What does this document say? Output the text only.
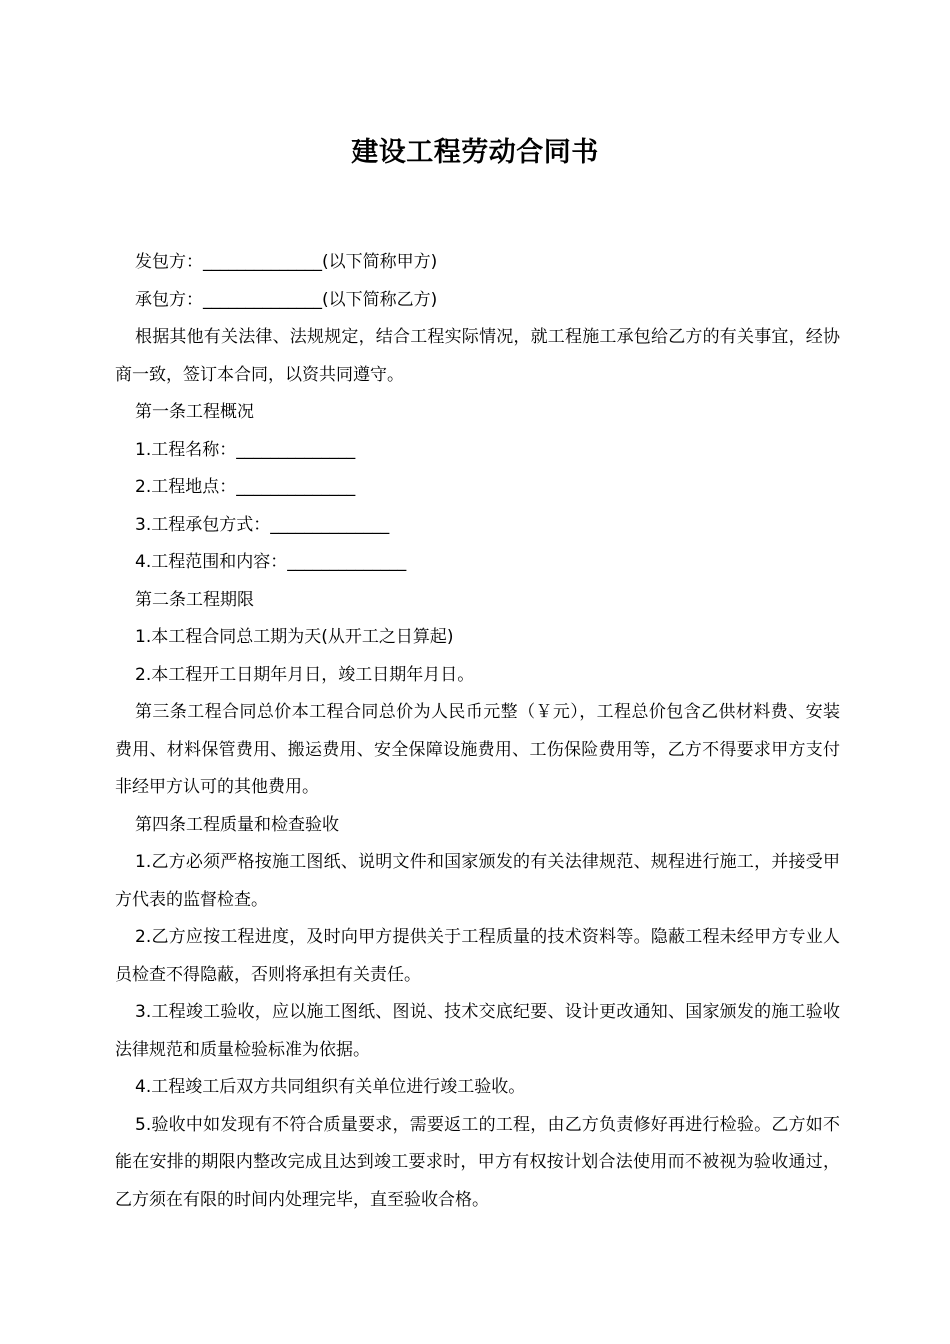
建设工程劳动合同书

发包方：______________(以下简称甲方)

承包方：______________(以下简称乙方)

根据其他有关法律、法规规定，结合工程实际情况，就工程施工承包给乙方的有关事宜，经协商一致，签订本合同，以资共同遵守。

第一条工程概况

1.工程名称：______________

2.工程地点：______________

3.工程承包方式：______________

4.工程范围和内容：______________

第二条工程期限

1.本工程合同总工期为天(从开工之日算起)

2.本工程开工日期年月日，竣工日期年月日。

第三条工程合同总价本工程合同总价为人民币元整（￥元），工程总价包含乙供材料费、安装费用、材料保管费用、搬运费用、安全保障设施费用、工伤保险费用等，乙方不得要求甲方支付非经甲方认可的其他费用。

第四条工程质量和检查验收

1.乙方必须严格按施工图纸、说明文件和国家颁发的有关法律规范、规程进行施工，并接受甲方代表的监督检查。

2.乙方应按工程进度，及时向甲方提供关于工程质量的技术资料等。隐蔽工程未经甲方专业人员检查不得隐蔽，否则将承担有关责任。

3.工程竣工验收，应以施工图纸、图说、技术交底纪要、设计更改通知、国家颁发的施工验收法律规范和质量检验标准为依据。

4.工程竣工后双方共同组织有关单位进行竣工验收。

5.验收中如发现有不符合质量要求，需要返工的工程，由乙方负责修好再进行检验。乙方如不能在安排的期限内整改完成且达到竣工要求时，甲方有权按计划合法使用而不被视为验收通过，乙方须在有限的时间内处理完毕，直至验收合格。
